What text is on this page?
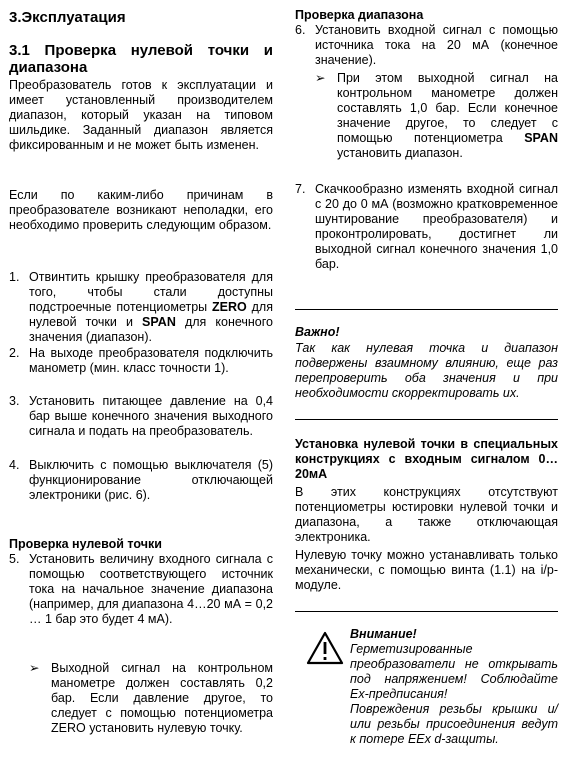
3.Эксплуатация
3.1 Проверка нулевой точки и диапазона

Преобразователь готов к эксплуатации и имеет установленный производителем диапазон, который указан на типовом шильдике. Заданный диапазон является фиксированным и не может быть изменен.

Если по каким-либо причинам в преобразователе возникают неполадки, его необходимо проверить следующим образом.

1. Отвинтить крышку преобразователя для того, чтобы стали доступны подстроечные потенциометры ZERO для нулевой точки и SPAN для конечного значения (диапазон).

2. На выходе преобразователя подключить манометр (мин. класс точности 1).

3. Установить питающее давление на 0,4 бар выше конечного значения выходного сигнала и подать на преобразователь.

4. Выключить с помощью выключателя (5) функционирование отключающей электроники (рис. 6).

Проверка нулевой точки

5. Установить величину входного сигнала с помощью соответствующего источник тока на начальное значение диапазона (например, для диапазона 4…20 мА = 0,2 … 1 бар это будет 4 мА).

➢ Выходной сигнал на контрольном манометре должен составлять 0,2 бар. Если давление другое, то следует с помощью потенциометра ZERO установить нулевую точку.

Проверка диапазона

6. Установить входной сигнал с помощью источника тока на 20 мА (конечное значение).

➢ При этом выходной сигнал на контрольном манометре должен составлять 1,0 бар. Если конечное значение другое, то следует с помощью потенциометра SPAN установить диапазон.

7. Скачкообразно изменять входной сигнал с 20 до 0 мА (возможно кратковременное шунтирование преобразователя) и проконтролировать, достигнет ли выходной сигнал конечного значения 1,0 бар.

Важно!

Так как нулевая точка и диапазон подвержены взаимному влиянию, еще раз перепроверить оба значения и при необходимости скорректировать их.

Установка нулевой точки в специальных конструкциях с входным сигналом 0…20мА

В этих конструкциях отсутствуют потенциометры юстировки нулевой точки и диапазона, а также отключающая электроника.

Нулевую точку можно устанавливать только механически, с помощью винта (1.1) на i/p-модуле.

Внимание!

Герметизированные преобразователи не открывать под напряжением! Соблюдайте Ex-предписания!

Повреждения резьбы крышки и/ или резьбы присоединения ведут к потере EEx d-защиты.
